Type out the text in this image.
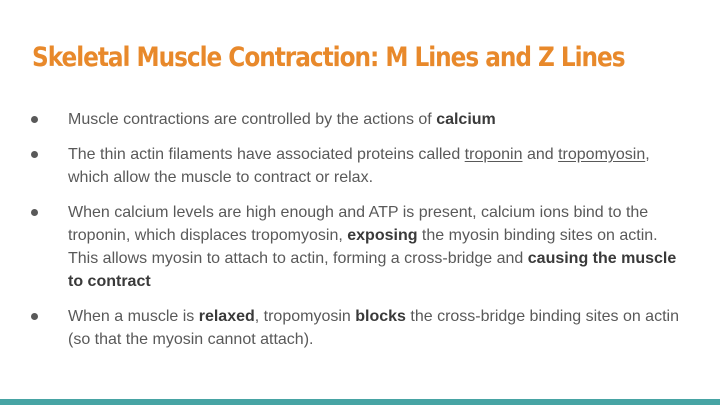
Skeletal Muscle Contraction: M Lines and Z Lines
Muscle contractions are controlled by the actions of calcium
The thin actin filaments have associated proteins called troponin and tropomyosin, which allow the muscle to contract or relax.
When calcium levels are high enough and ATP is present, calcium ions bind to the troponin, which displaces tropomyosin, exposing the myosin binding sites on actin. This allows myosin to attach to actin, forming a cross-bridge and causing the muscle to contract
When a muscle is relaxed, tropomyosin blocks the cross-bridge binding sites on actin (so that the myosin cannot attach).
